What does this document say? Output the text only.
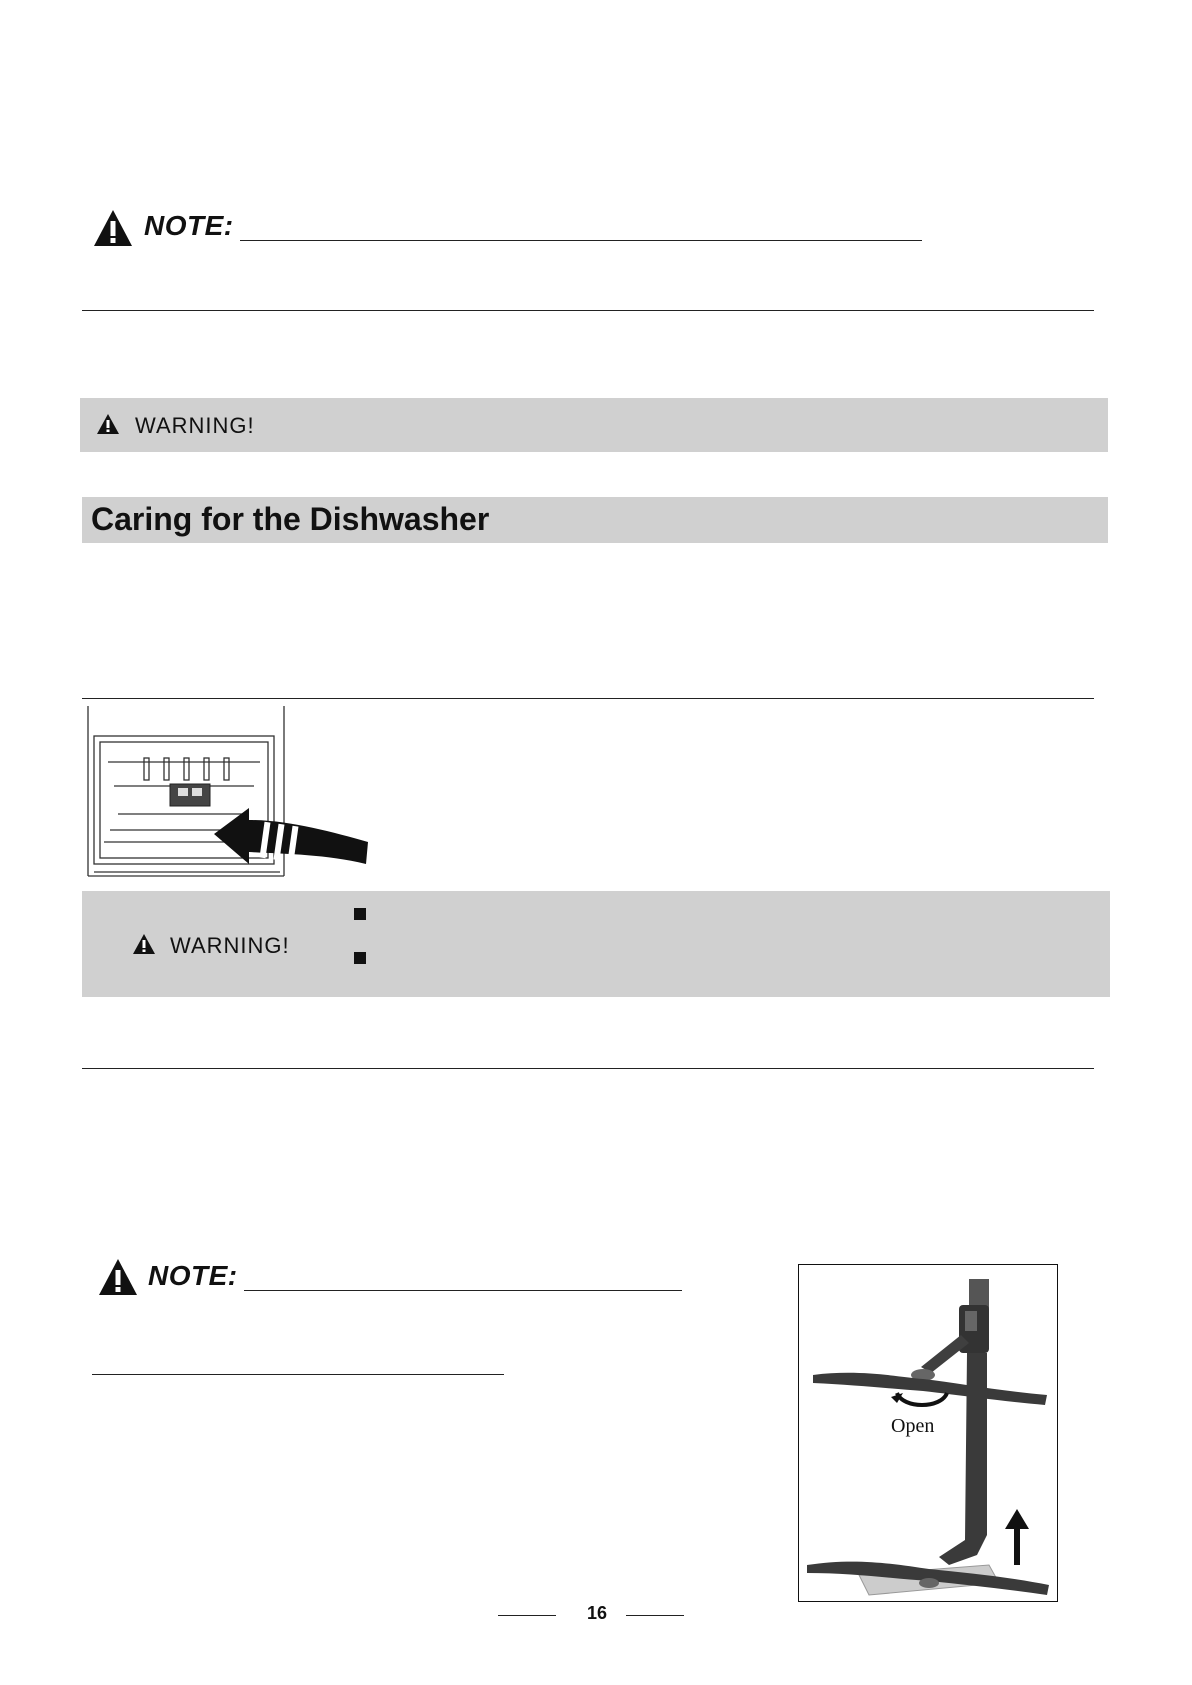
NOTE:
WARNING!
Caring for the Dishwasher
WARNING!
NOTE:
Open
16
